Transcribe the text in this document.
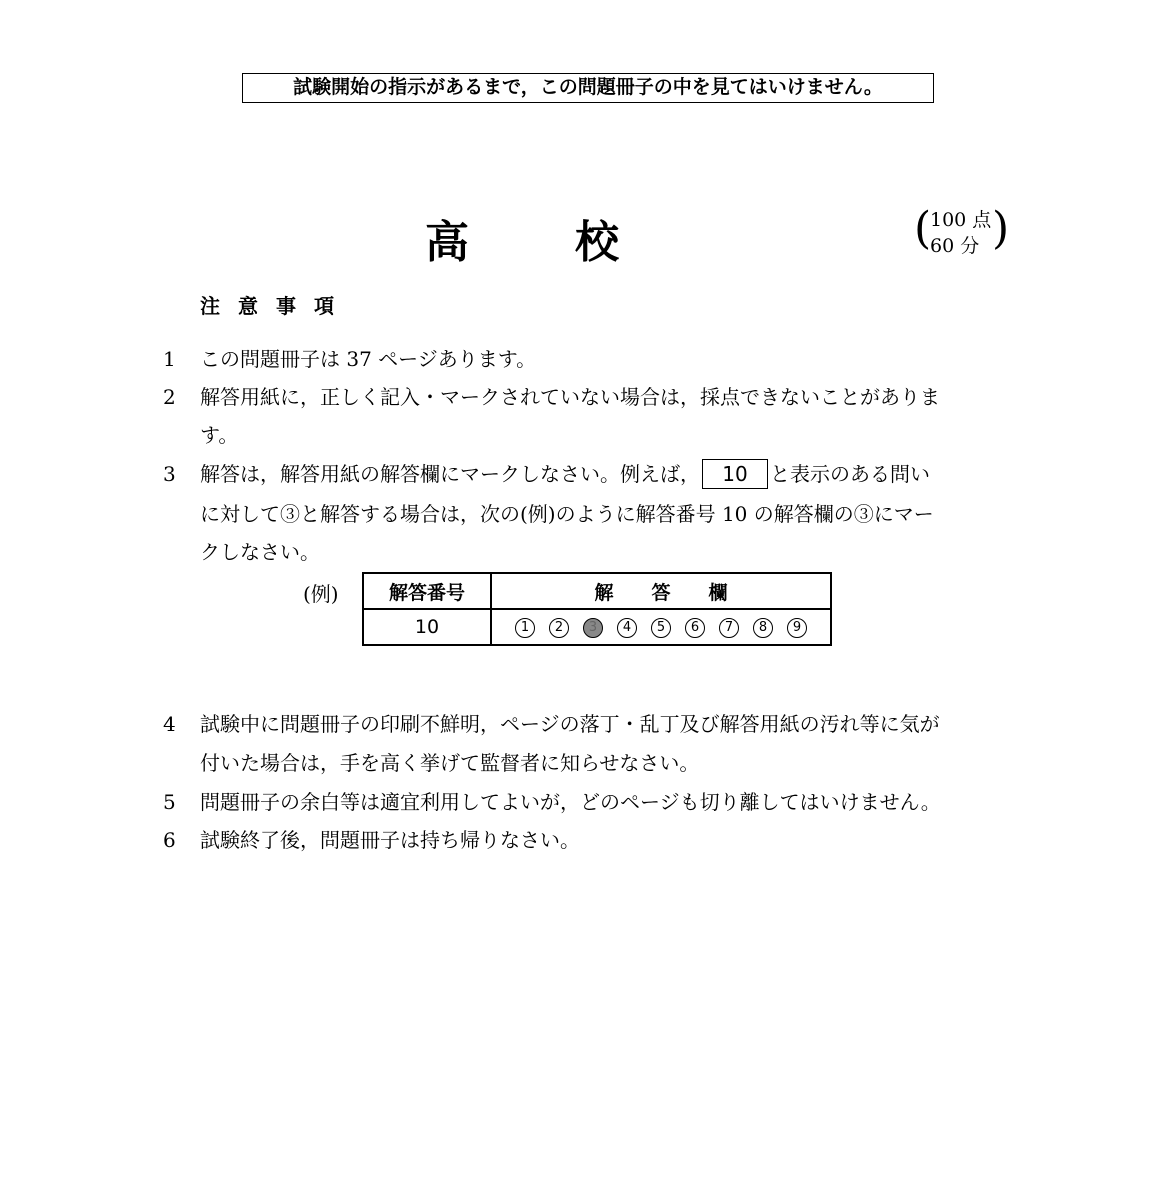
試験開始の指示があるまで，この問題冊子の中を見てはいけません。
高 校	(
100 点
60 分 )
注意事項
1 この問題冊子は 37 ページあります。
2 解答用紙に，正しく記入・マークされていない場合は，採点できないことがありま
す。
3 解答は，解答用紙の解答欄にマークしなさい。例えば， 10 と表示のある問い
に対して③と解答する場合は，次の(例)のように解答番号 10 の解答欄の③にマー
クしなさい。
(例)	解答番号	解　　答　　欄
10	1 2 3 4 5 6 7 8 9
4 試験中に問題冊子の印刷不鮮明，ページの落丁・乱丁及び解答用紙の汚れ等に気が
付いた場合は，手を高く挙げて監督者に知らせなさい。
5 問題冊子の余白等は適宜利用してよいが，どのページも切り離してはいけません。
6 試験終了後，問題冊子は持ち帰りなさい。
